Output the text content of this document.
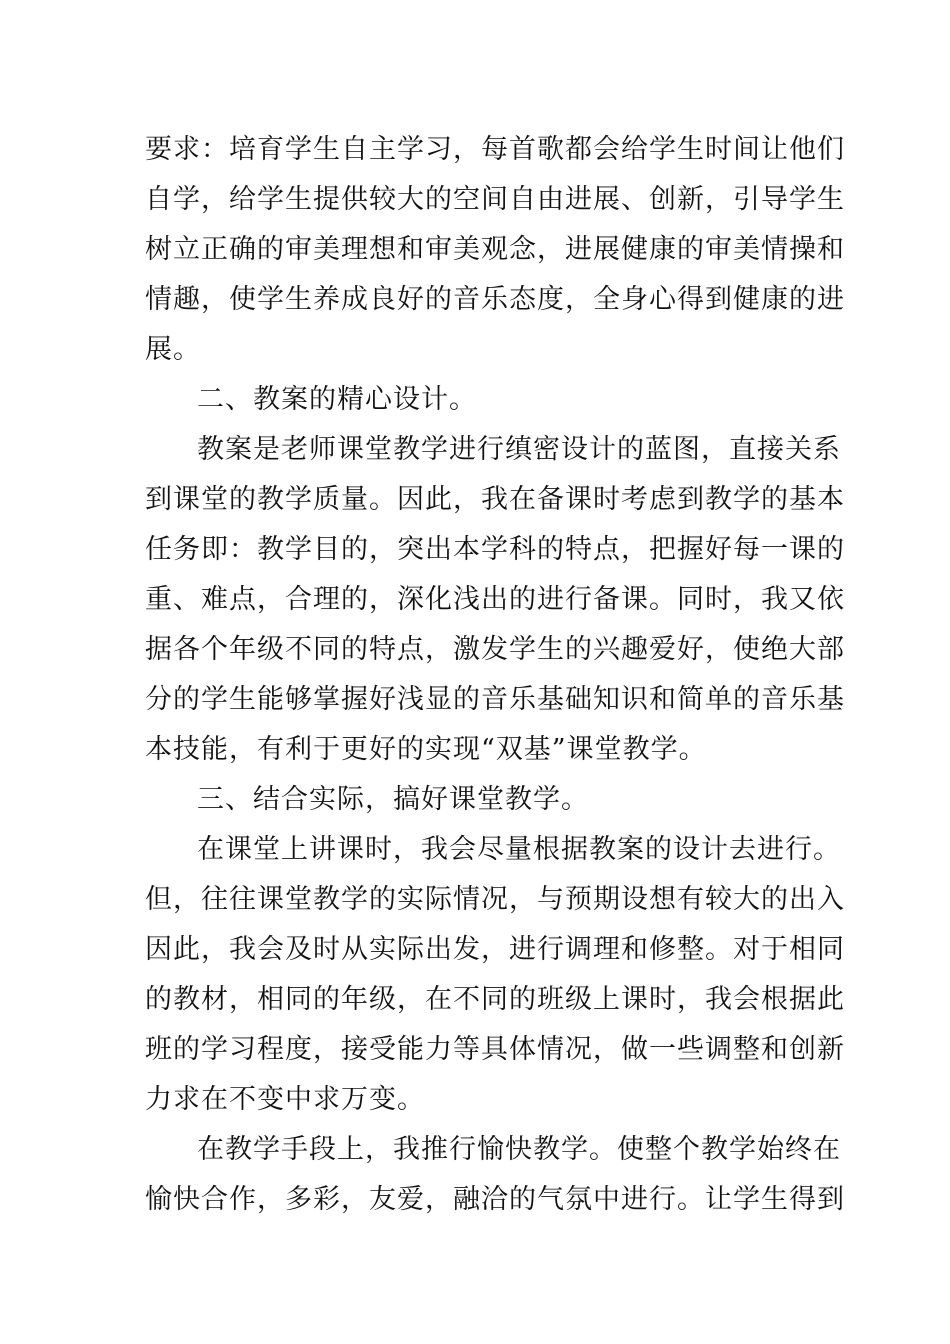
要求：培育学生自主学习，每首歌都会给学生时间让他们
自学，给学生提供较大的空间自由进展、创新，引导学生
树立正确的审美理想和审美观念，进展健康的审美情操和
情趣，使学生养成良好的音乐态度，全身心得到健康的进
展。
二、教案的精心设计。
教案是老师课堂教学进行缜密设计的蓝图，直接关系
到课堂的教学质量。因此，我在备课时考虑到教学的基本
任务即：教学目的，突出本学科的特点，把握好每一课的
重、难点，合理的，深化浅出的进行备课。同时，我又依
据各个年级不同的特点，激发学生的兴趣爱好，使绝大部
分的学生能够掌握好浅显的音乐基础知识和简单的音乐基
本技能，有利于更好的实现“双基”课堂教学。
三、结合实际，搞好课堂教学。
在课堂上讲课时，我会尽量根据教案的设计去进行。
但，往往课堂教学的实际情况，与预期设想有较大的出入
因此，我会及时从实际出发，进行调理和修整。对于相同
的教材，相同的年级，在不同的班级上课时，我会根据此
班的学习程度，接受能力等具体情况，做一些调整和创新
力求在不变中求万变。
在教学手段上，我推行愉快教学。使整个教学始终在
愉快合作，多彩，友爱，融洽的气氛中进行。让学生得到
